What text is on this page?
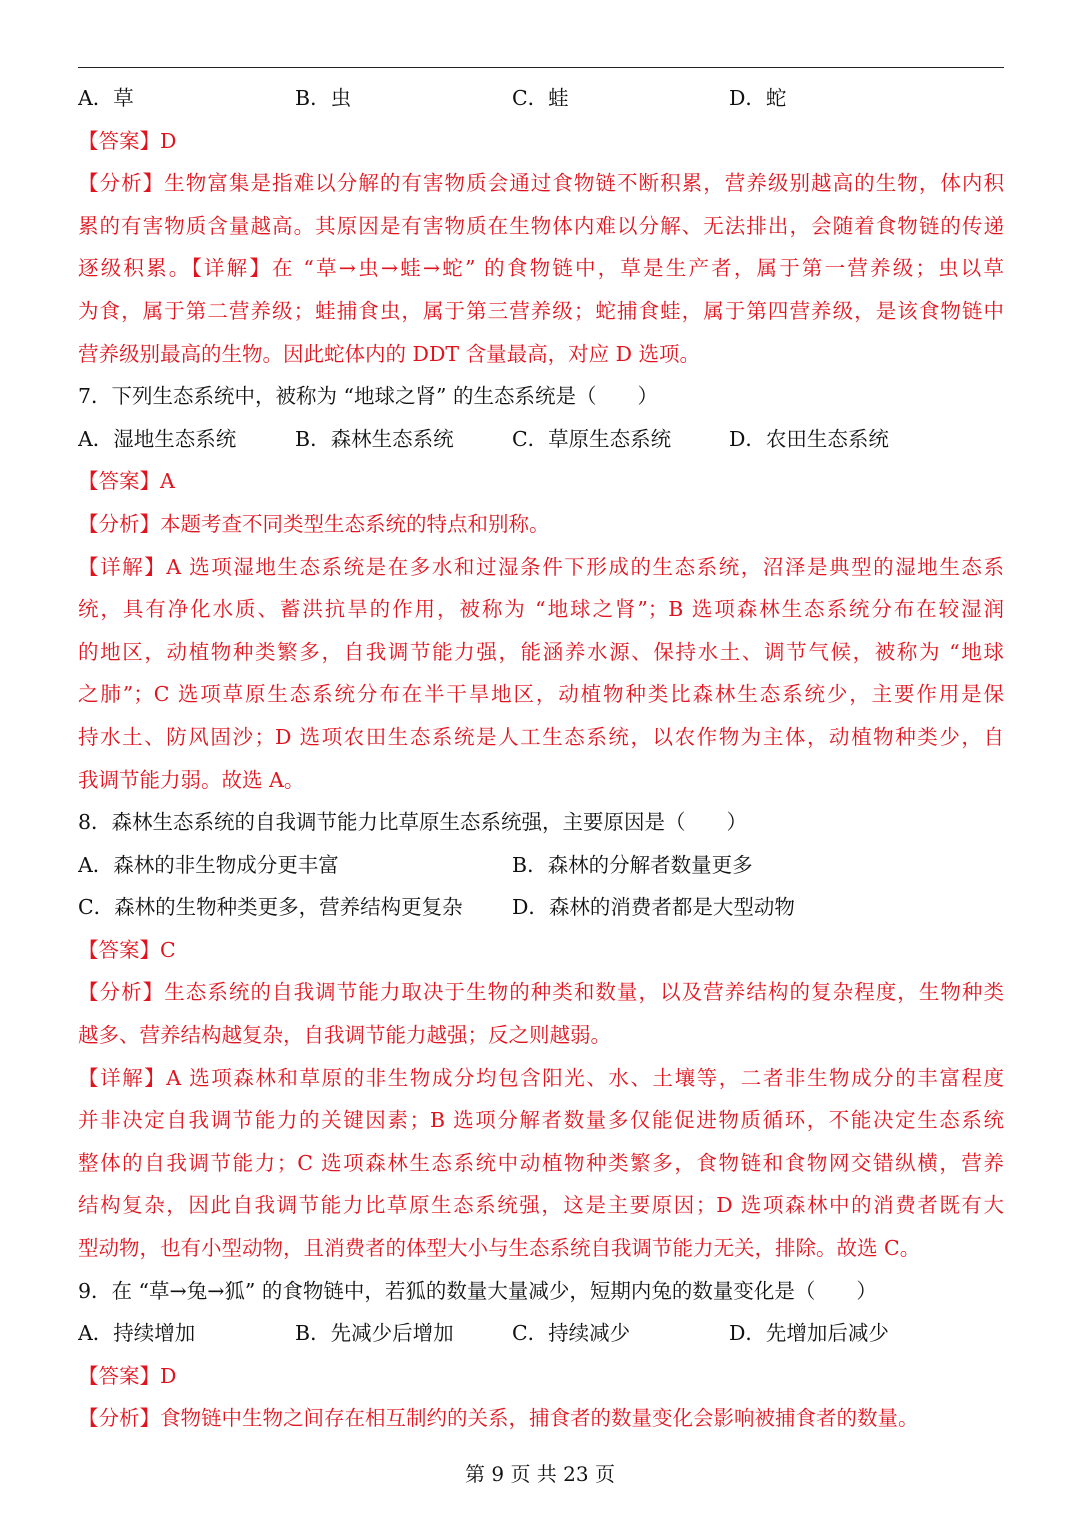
A．草	B．虫	C．蛙	D．蛇
【答案】D
【分析】生物富集是指难以分解的有害物质会通过食物链不断积累，营养级别越高的生物，体内积
累的有害物质含量越高。其原因是有害物质在生物体内难以分解、无法排出，会随着食物链的传递
逐级积累。【详解】在 “草→虫→蛙→蛇” 的食物链中，草是生产者，属于第一营养级；虫以草
为食，属于第二营养级；蛙捕食虫，属于第三营养级；蛇捕食蛙，属于第四营养级，是该食物链中
营养级别最高的生物。因此蛇体内的 DDT 含量最高，对应 D 选项。
7．下列生态系统中，被称为 “地球之肾” 的生态系统是（　　）
A．湿地生态系统	B．森林生态系统	C．草原生态系统	D．农田生态系统
【答案】A
【分析】本题考查不同类型生态系统的特点和别称。
【详解】A 选项湿地生态系统是在多水和过湿条件下形成的生态系统，沼泽是典型的湿地生态系
统，具有净化水质、蓄洪抗旱的作用，被称为 “地球之肾”；B 选项森林生态系统分布在较湿润
的地区，动植物种类繁多，自我调节能力强，能涵养水源、保持水土、调节气候，被称为 “地球
之肺”；C 选项草原生态系统分布在半干旱地区，动植物种类比森林生态系统少，主要作用是保
持水土、防风固沙；D 选项农田生态系统是人工生态系统，以农作物为主体，动植物种类少，自
我调节能力弱。故选 A。
8．森林生态系统的自我调节能力比草原生态系统强，主要原因是（　　）
A．森林的非生物成分更丰富	B．森林的分解者数量更多
C．森林的生物种类更多，营养结构更复杂	D．森林的消费者都是大型动物
【答案】C
【分析】生态系统的自我调节能力取决于生物的种类和数量，以及营养结构的复杂程度，生物种类
越多、营养结构越复杂，自我调节能力越强；反之则越弱。
【详解】A 选项森林和草原的非生物成分均包含阳光、水、土壤等，二者非生物成分的丰富程度
并非决定自我调节能力的关键因素；B 选项分解者数量多仅能促进物质循环，不能决定生态系统
整体的自我调节能力；C 选项森林生态系统中动植物种类繁多，食物链和食物网交错纵横，营养
结构复杂，因此自我调节能力比草原生态系统强，这是主要原因；D 选项森林中的消费者既有大
型动物，也有小型动物，且消费者的体型大小与生态系统自我调节能力无关，排除。故选 C。
9．在 “草→兔→狐” 的食物链中，若狐的数量大量减少，短期内兔的数量变化是（　　）
A．持续增加	B．先减少后增加	C．持续减少	D．先增加后减少
【答案】D
【分析】食物链中生物之间存在相互制约的关系，捕食者的数量变化会影响被捕食者的数量。
第 9 页 共 23 页
